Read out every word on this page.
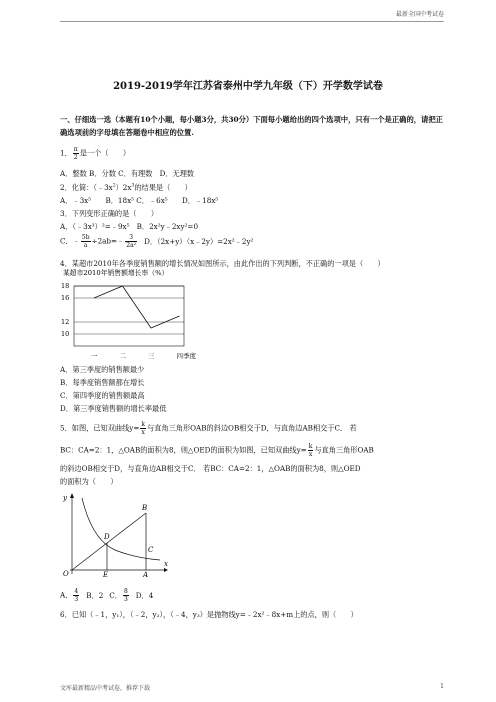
最新全国中考试卷
2019-2019学年江苏省泰州中学九年级（下）开学数学试卷
一、仔细选一选（本题有10个小题，每小题3分，共30分）下面每小题给出的四个选项中，只有一个是正确的，请把正确选项前的字母填在答题卷中相应的位置.
1． $\frac{\pi}{2}$ 是一个（　　）
A．整数 B．分数 C．有理数　D．无理数
2．化简：$(﹣3x^2)2x^3$的结果是（　　）
A．﹣3x⁵　　B．18x⁵ C．﹣6x⁵　　D．﹣18x⁵
3．下列变形正确的是（　　）
A．（﹣3x³）²=﹣9x⁵　B．2x²y﹣2xy²=0
C．﹣ $\frac{5b}{a}$ ÷2ab=﹣ $\frac{3}{\text{2a²}}$ D．（2x+y）（x﹣2y）=2x²﹣2y²
4．某超市2010年各季度销售额的增长情况如图所示，由此作出的下列判断，不正确的一项是（　　）
某超市2010年销售额增长率（%）
10
12
16
18
一	二	三	四季度
A．第三季度的销售额最少
B．每季度销售额都在增长
C．第四季度的销售额最高
D．第三季度销售额的增长率最低
5．如图，已知双曲线$y= \frac{k}{x}$ 与直角三角形OAB的斜边OB相交于D，与直角边AB相交于C． 若
BC：CA=2：1，△OAB的面积为8，则△OED的面积为如图，已知双曲线$y= \frac{k}{x}$ 与直角三角形OAB
的斜边OB相交于D，与直角边AB相交于C． 若BC：CA=2：1，△OAB的面积为8，则△OED
的面积为（　　）
y
x
O	E	A
B
C
D
A． $\frac{4}{3}$ B．2 C． $\frac{8}{3}$ D．4
6．已知（﹣1，y₁），（﹣2，y₂），（﹣4，y₃）是抛物线y=﹣2x²﹣8x+m上的点，则（　　）
文库最新精品中考试卷，推荐下载	1
